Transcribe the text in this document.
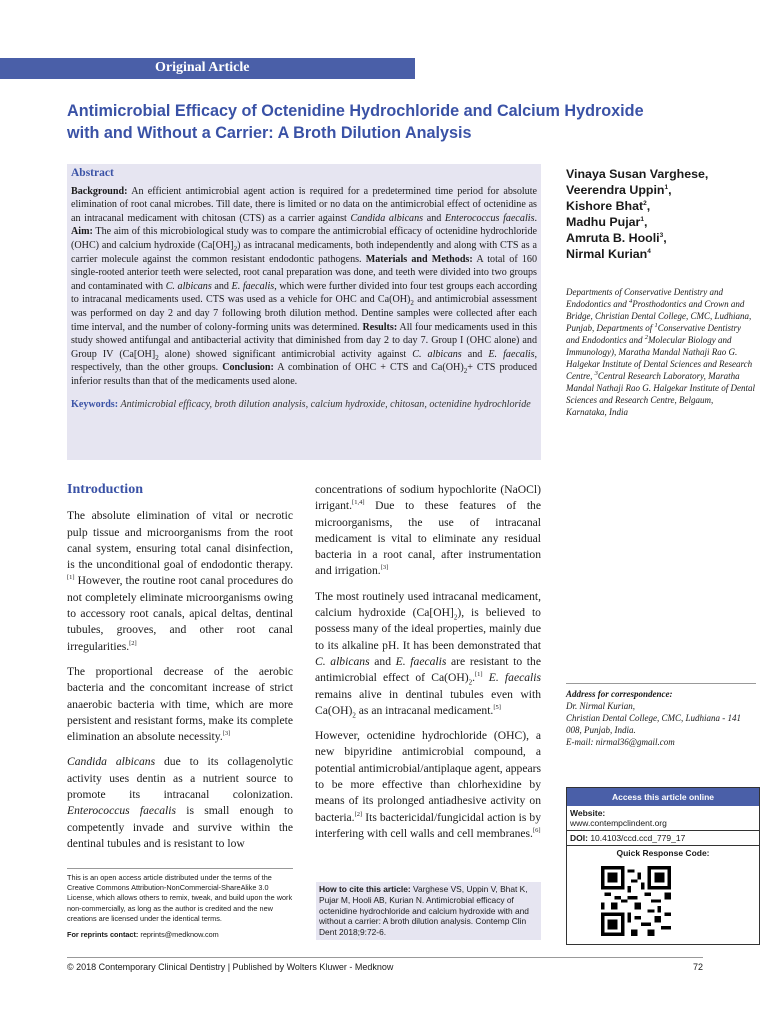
Original Article
Antimicrobial Efficacy of Octenidine Hydrochloride and Calcium Hydroxide with and Without a Carrier: A Broth Dilution Analysis
Abstract
Background: An efficient antimicrobial agent action is required for a predetermined time period for absolute elimination of root canal microbes. Till date, there is limited or no data on the antimicrobial effect of octenidine as an intracanal medicament with chitosan (CTS) as a carrier against Candida albicans and Enterococcus faecalis. Aim: The aim of this microbiological study was to compare the antimicrobial efficacy of octenidine hydrochloride (OHC) and calcium hydroxide $(Ca[OH]_2)$ as intracanal medicaments, both independently and along with CTS as a carrier molecule against the common resistant endodontic pathogens. Materials and Methods: A total of 160 single-rooted anterior teeth were selected, root canal preparation was done, and teeth were divided into two groups and contaminated with C. albicans and E. faecalis, which were further divided into four test groups each according to intracanal medicaments used. CTS was used as a vehicle for OHC and $Ca(OH)_2$ and antimicrobial assessment was performed on day 2 and day 7 following broth dilution method. Dentine samples were collected after each time interval, and the number of colony-forming units was determined. Results: All four medicaments used in this study showed antifungal and antibacterial activity that diminished from day 2 to day 7. Group I (OHC alone) and Group IV ($Ca[OH]_2$ alone) showed significant antimicrobial activity against C. albicans and E. faecalis, respectively, than the other groups. Conclusion: A combination of OHC + CTS and $Ca(OH)_2+$ CTS produced inferior results than that of the medicaments used alone.
Keywords: Antimicrobial efficacy, broth dilution analysis, calcium hydroxide, chitosan, octenidine hydrochloride
Vinaya Susan Varghese,
Veerendra Uppin$^1$,
Kishore Bhat$^2$,
Madhu Pujar$^1$,
Amruta B. Hooli$^3$,
Nirmal Kurian$^4$
Departments of Conservative Dentistry and Endodontics and $^4$Prosthodontics and Crown and Bridge, Christian Dental College, CMC, Ludhiana, Punjab, Departments of $^1$Conservative Dentistry and Endodontics and $^2$Molecular Biology and Immunology), Maratha Mandal Nathaji Rao G. Halgekar Institute of Dental Sciences and Research Centre, $^3$Central Research Laboratory, Maratha Mandal Nathaji Rao G. Halgekar Institute of Dental Sciences and Research Centre, Belgaum, Karnataka, India
Address for correspondence:
Dr. Nirmal Kurian,
Christian Dental College, CMC, Ludhiana - 141 008, Punjab, India.
E-mail: nirmal36@gmail.com
Access this article online
Website:
www.contempclindent.org
DOI: 10.4103/ccd.ccd_779_17
Quick Response Code:
Introduction

The absolute elimination of vital or necrotic pulp tissue and microorganisms from the root canal system, ensuring total canal disinfection, is the unconditional goal of endodontic therapy.[1] However, the routine root canal procedures do not completely eliminate microorganisms owing to accessory root canals, apical deltas, dentinal tubules, grooves, and other root canal irregularities.[2]

The proportional decrease of the aerobic bacteria and the concomitant increase of strict anaerobic bacteria with time, which are more persistent and resistant forms, make its complete elimination an absolute necessity.[3]

Candida albicans due to its collagenolytic activity uses dentin as a nutrient source to promote its intracanal colonization. Enterococcus faecalis is small enough to competently invade and survive within the dentinal tubules and is resistant to low

concentrations of sodium hypochlorite (NaOCl) irrigant.[1,4] Due to these features of the microorganisms, the use of intracanal medicament is vital to eliminate any residual bacteria in a root canal, after instrumentation and irrigation.[3]

The most routinely used intracanal medicament, calcium hydroxide $(Ca[OH]_2)$, is believed to possess many of the ideal properties, mainly due to its alkaline pH. It has been demonstrated that C. albicans and E. faecalis are resistant to the antimicrobial effect of $Ca(OH)_2.[1]$ E. faecalis remains alive in dentinal tubules even with $Ca(OH)_2$ as an intracanal medicament.[5]

However, octenidine hydrochloride (OHC), a new bipyridine antimicrobial compound, a potential antimicrobial/antiplaque agent, appears to be more effective than chlorhexidine by means of its prolonged antiadhesive activity on bacteria.[2] Its bactericidal/fungicidal action is by interfering with cell walls and cell membranes.[6]

This is an open access article distributed under the terms of the Creative Commons Attribution-NonCommercial-ShareAlike 3.0 License, which allows others to remix, tweak, and build upon the work non-commercially, as long as the author is credited and the new creations are licensed under the identical terms.
For reprints contact: reprints@medknow.com
How to cite this article: Varghese VS, Uppin V, Bhat K, Pujar M, Hooli AB, Kurian N. Antimicrobial efficacy of octenidine hydrochloride and calcium hydroxide with and without a carrier: A broth dilution analysis. Contemp Clin Dent 2018;9:72-6.
© 2018 Contemporary Clinical Dentistry | Published by Wolters Kluwer - Medknow	72
